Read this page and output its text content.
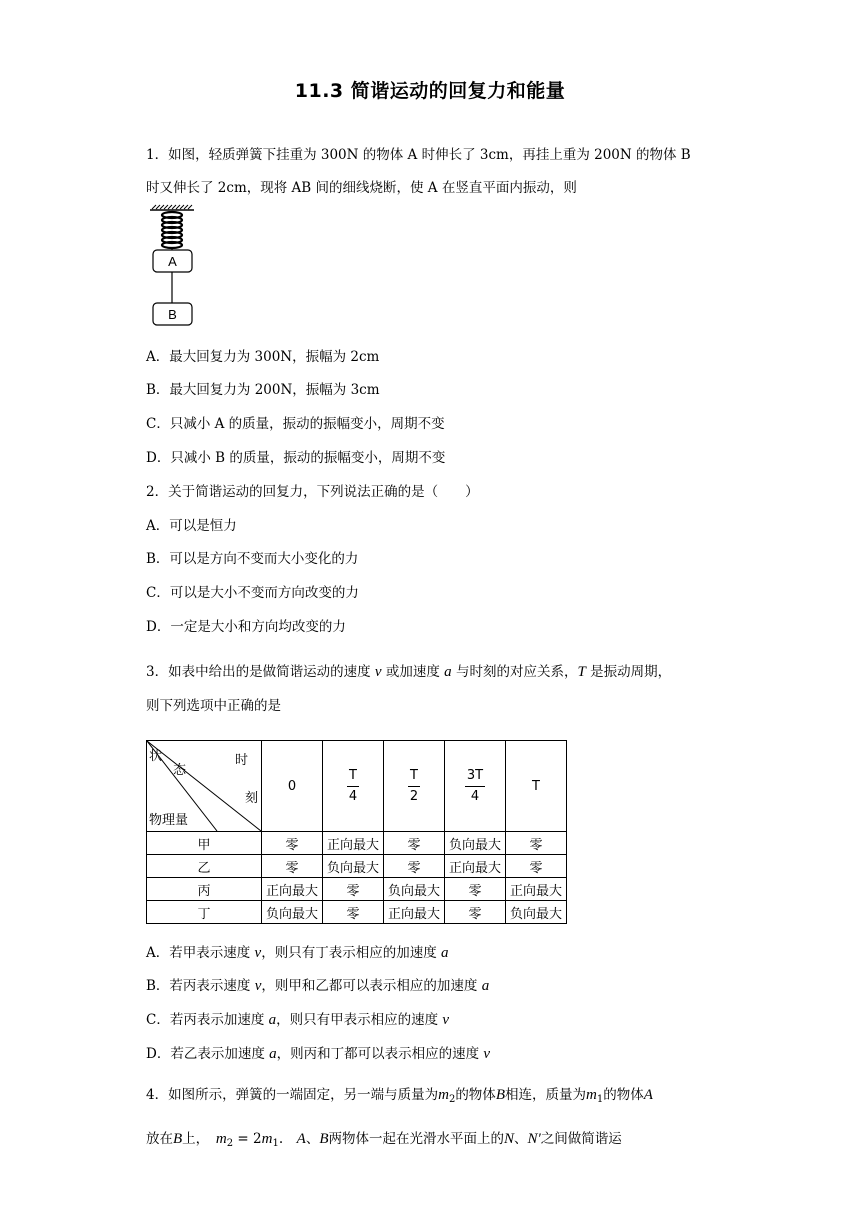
11.3 简谐运动的回复力和能量
1．如图，轻质弹簧下挂重为 300N 的物体 A 时伸长了 3cm，再挂上重为 200N 的物体 B
时又伸长了 2cm，现将 AB 间的细线烧断，使 A 在竖直平面内振动，则
A
B
A．最大回复力为 300N，振幅为 2cm
B．最大回复力为 200N，振幅为 3cm
C．只减小 A 的质量，振动的振幅变小，周期不变
D．只减小 B 的质量，振动的振幅变小，周期不变
2．关于简谐运动的回复力，下列说法正确的是（　　）
A．可以是恒力
B．可以是方向不变而大小变化的力
C．可以是大小不变而方向改变的力
D．一定是大小和方向均改变的力
3．如表中给出的是做简谐运动的速度 v 或加速度 a 与时刻的对应关系，T 是振动周期，
则下列选项中正确的是
状
态
时
刻
物理量	0	$\frac{T}{4}$	$\frac{T}{2}$	$\frac{3T}{4}$	T
甲	零	正向最大	零	负向最大	零
乙	零	负向最大	零	正向最大	零
丙	正向最大	零	负向最大	零	正向最大
丁	负向最大	零	正向最大	零	负向最大
A．若甲表示速度 v，则只有丁表示相应的加速度 a
B．若丙表示速度 v，则甲和乙都可以表示相应的加速度 a
C．若丙表示加速度 a，则只有甲表示相应的速度 v
D．若乙表示加速度 a，则丙和丁都可以表示相应的速度 v
4．如图所示，弹簧的一端固定，另一端与质量为$m_2$的物体B相连，质量为$m_1$的物体A
放在B上，　$m_2 = 2m_1$.　A、B两物体一起在光滑水平面上的N、N′之间做简谐运
